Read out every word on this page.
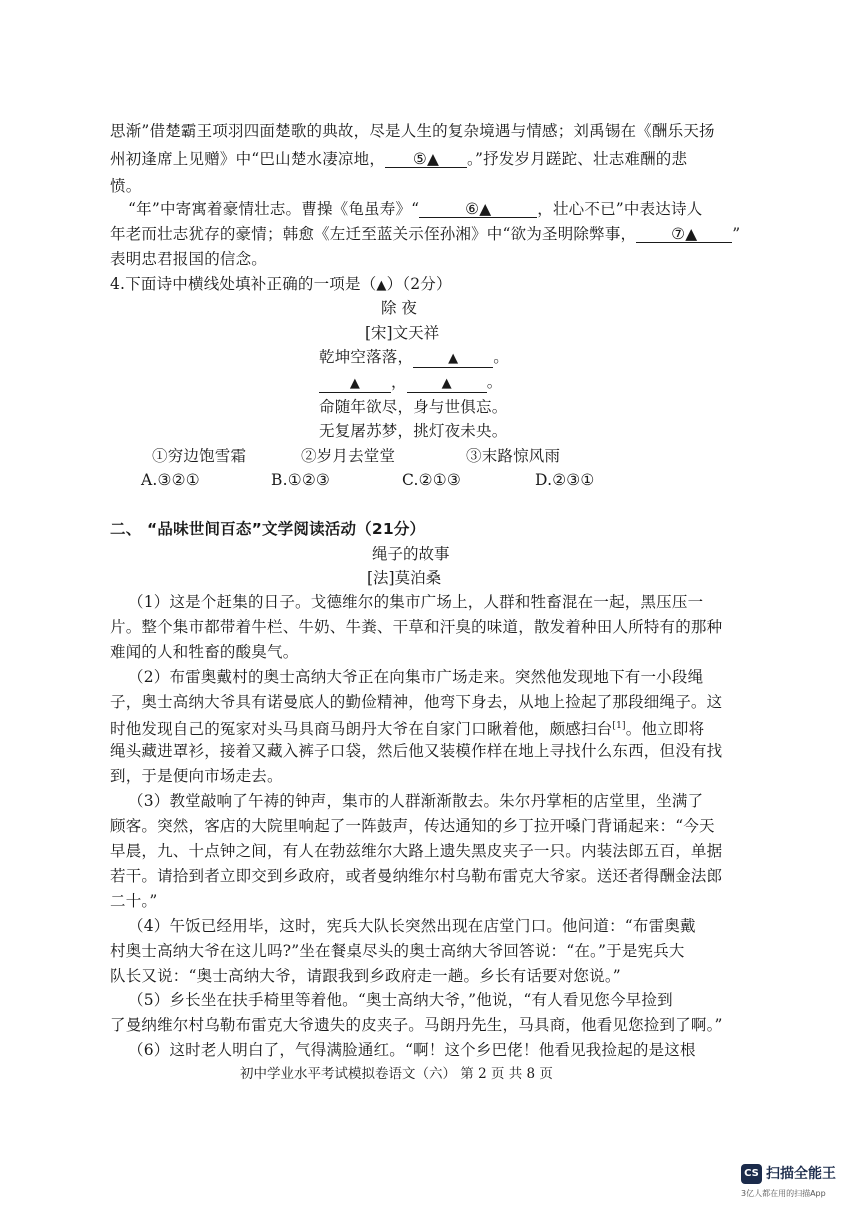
思渐”借楚霸王项羽四面楚歌的典故，尽是人生的复杂境遇与情感；刘禹锡在《酬乐天扬
州初逢席上见赠》中“巴山楚水凄凉地， ⑤▲ 。”抒发岁月蹉跎、壮志难酬的悲
愤。
“年”中寄寓着豪情壮志。曹操《龟虽寿》“	⑥▲	，壮心不已”中表达诗人
年老而壮志犹存的豪情；韩愈《左迁至蓝关示侄孙湘》中“欲为圣明除弊事， ⑦▲ ”
表明忠君报国的信念。
4.下面诗中横线处填补正确的一项是（▲）（2分）
除 夜
[宋]文天祥
乾坤空落落，	▲ 。
▲ ，	▲ 。
命随年欲尽，身与世俱忘。
无复屠苏梦，挑灯夜未央。
①穷边饱雪霜	②岁月去堂堂	③末路惊风雨
A.③②①	B.①②③	C.②①③	D.②③①
二、 “品味世间百态”文学阅读活动（21分）
绳子的故事
[法]莫泊桑
（1）这是个赶集的日子。戈德维尔的集市广场上，人群和牲畜混在一起，黑压压一
片。整个集市都带着牛栏、牛奶、牛粪、干草和汗臭的味道，散发着种田人所特有的那种
难闻的人和牲畜的酸臭气。
（2）布雷奥戴村的奥士高纳大爷正在向集市广场走来。突然他发现地下有一小段绳
子，奥士高纳大爷具有诺曼底人的勤俭精神，他弯下身去，从地上捡起了那段细绳子。这
时他发现自己的冤家对头马具商马朗丹大爷在自家门口瞅着他，颇感扫台[1]。他立即将
绳头藏进罩衫，接着又藏入裤子口袋，然后他又装模作样在地上寻找什么东西，但没有找
到，于是便向市场走去。
（3）教堂敲响了午祷的钟声，集市的人群渐渐散去。朱尔丹掌柜的店堂里，坐满了
顾客。突然，客店的大院里响起了一阵鼓声，传达通知的乡丁拉开嗓门背诵起来：“今天
早晨，九、十点钟之间，有人在勃兹维尔大路上遗失黑皮夹子一只。内装法郎五百，单据
若干。请拾到者立即交到乡政府，或者曼纳维尔村乌勒布雷克大爷家。送还者得酬金法郎
二十。”
（4）午饭已经用毕，这时，宪兵大队长突然出现在店堂门口。他问道：“布雷奥戴
村奥士高纳大爷在这儿吗?”坐在餐桌尽头的奥士高纳大爷回答说：“在。”于是宪兵大
队长又说：“奥士高纳大爷，请跟我到乡政府走一趟。乡长有话要对您说。”
（5）乡长坐在扶手椅里等着他。“奥士高纳大爷，”他说，“有人看见您今早捡到
了曼纳维尔村乌勒布雷克大爷遗失的皮夹子。马朗丹先生，马具商，他看见您捡到了啊。”
（6）这时老人明白了，气得满脸通红。“啊！这个乡巴佬！他看见我捡起的是这根
初中学业水平考试模拟卷语文（六） 第 2 页 共 8 页
CS 扫描全能王
3亿人都在用的扫描App
